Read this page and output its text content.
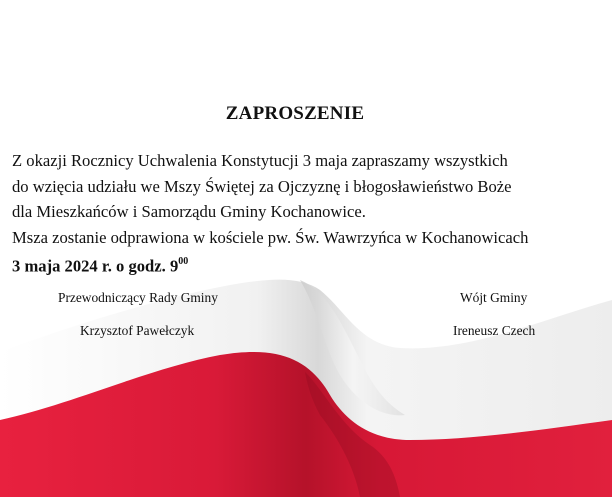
ZAPROSZENIE

Z okazji Rocznicy Uchwalenia Konstytucji 3 maja zapraszamy wszystkich
do wzięcia udziału we Mszy Świętej za Ojczyznę i błogosławieństwo Boże
dla Mieszkańców i Samorządu Gminy Kochanowice.
Msza zostanie odprawiona w kościele pw. Św. Wawrzyńca w Kochanowicach
3 maja 2024 r. o godz. $9^{00}$

Przewodniczący Rady Gminy

Krzysztof Pawełczyk

Wójt Gminy

Ireneusz Czech
